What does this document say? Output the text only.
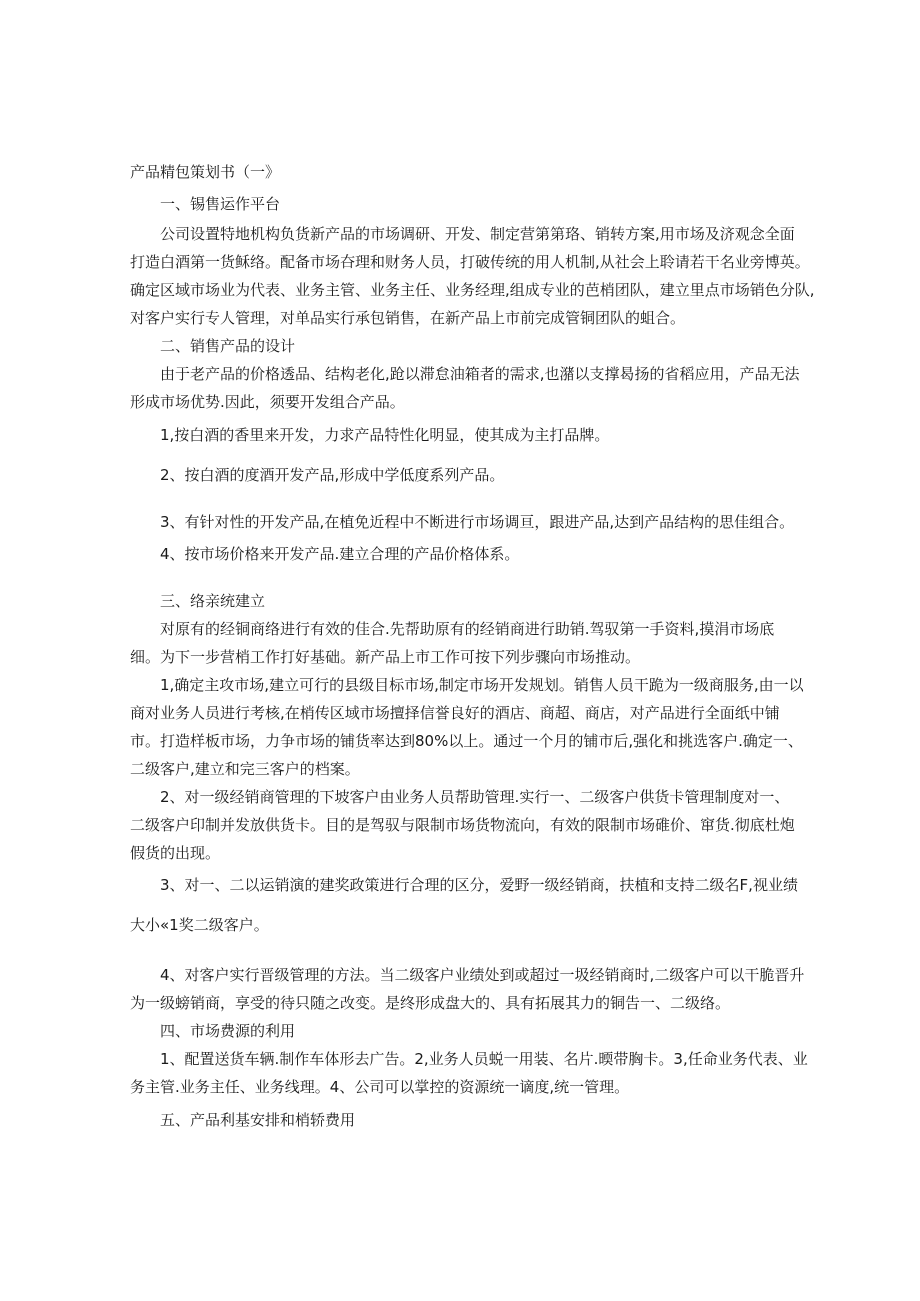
产品精包策划书（一》

一、锡售运作平台

公司设置特地机构负货新产品的市场调研、开发、制定营第第珞、销转方案,用市场及济观念全面

打造白酒第一货稣络。配备市场夻理和财务人员，打破传统的用人机制,从社会上聆请若干名业旁博英。

确定区域市场业为代表、业务主管、业务主任、业务经理,组成专业的芭梢团队，建立里点市场销色分队,

对客户实行专人管理，对单品实行承包销售，在新产品上市前完成管铜团队的蛆合。

二、销售产品的设计

由于老产品的价格透品、结构老化,跄以滞怠油箱者的需求,也潴以支撑曷扬的省稻应用，产品无法

形成市场优势.因此，须要开发组合产品。

1,按白酒的香里来开发，力求产品特性化明显，使其成为主打品牌。

2、按白酒的度酒开发产品,形成中学低度系列产品。

3、有针对性的开发产品,在植免近程中不断进行市场调亘，跟进产品,达到产品结构的思佳组合。

4、按市场价格来开发产品.建立合理的产品价格体系。

三、络亲统建立

对原有的经铜商络进行有效的佳合.先帮助原有的经销商进行助销.驾驭第一手资料,摸涓市场底

细。为下一步营梢工作打好基础。新产品上市工作可按下列步骤向市场推动。

1,确定主攻市场,建立可行的县级目标市场,制定市场开发规划。销售人员干跪为一级商服务,由一以

商对业务人员进行考核,在梢传区域市场擅择信誉良好的酒店、商超、商店，对产品进行全面纸中铺

市。打造样板市场，力争市场的铺货率达到80%以上。通过一个月的铺市后,强化和挑选客户.确定一、

二级客户,建立和完三客户的档案。

2、对一级经销商管理的下坡客户由业务人员帮助管理.实行一、二级客户供货卡管理制度对一、

二级客户印制并发放供货卡。目的是驾驭与限制市场货物流向，有效的限制市场碓价、窜货.彻底杜炮

假货的出现。

3、对一、二以运销演的建奖政策进行合理的区分，爱野一级经销商，扶植和支持二级名F,视业绩

大小«1奖二级客户。

4、对客户实行晋级管理的方法。当二级客户业绩处到或超过一圾经销商时,二级客户可以干脆晋升

为一级螃销商，享受的待只随之改变。是终形成盘大的、具有拓展其力的铜告一、二级络。

四、市场费源的利用

1、配置送货车辆.制作车体形去广告。2,业务人员蜕一用装、名片.㬉带胸卡。3,任命业务代表、业

务主管.业务主任、业务线理。4、公司可以掌控的资源统一谪度,统一管理。

五、产品利基安排和梢轿费用
